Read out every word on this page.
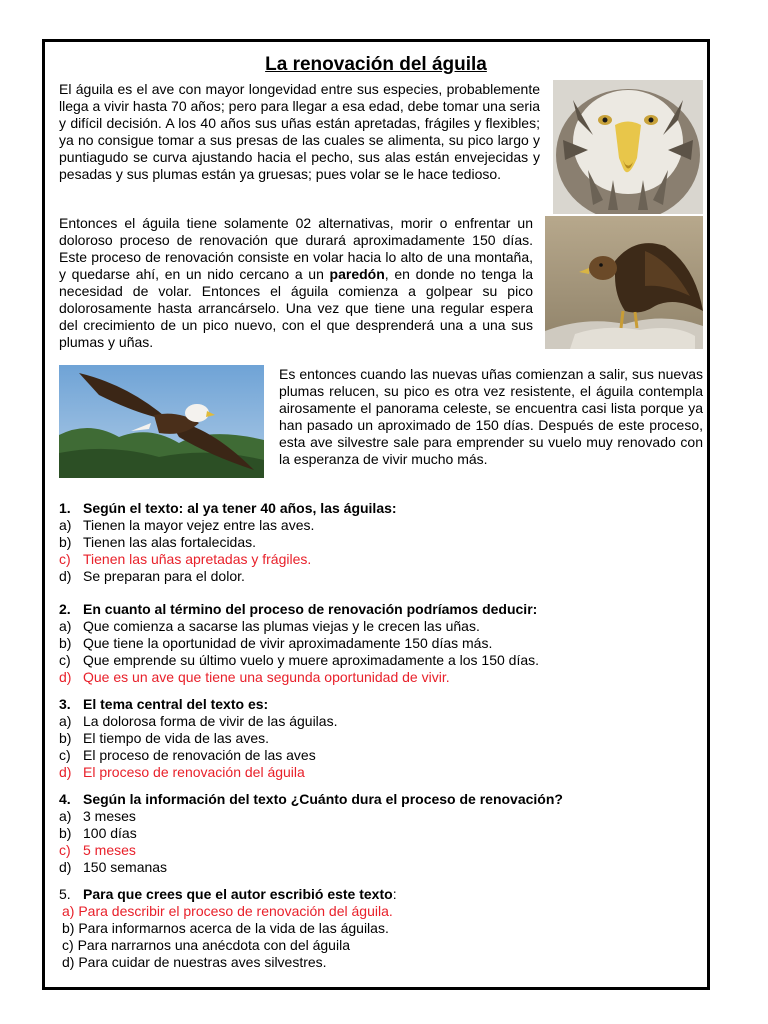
La renovación del águila

El águila es el ave con mayor longevidad entre sus especies, probablemente llega a vivir hasta 70 años; pero para llegar a esa edad, debe tomar una seria y difícil decisión. A los 40 años sus uñas están apretadas, frágiles y flexibles; ya no consigue tomar a sus presas de las cuales se alimenta, su pico largo y puntiagudo se curva ajustando hacia el pecho, sus alas están envejecidas y pesadas y sus plumas están ya gruesas; pues volar se le hace tedioso.

Entonces el águila tiene solamente 02 alternativas, morir o enfrentar un doloroso proceso de renovación que durará aproximadamente 150 días. Este proceso de renovación consiste en volar hacia lo alto de una montaña, y quedarse ahí, en un nido cercano a un paredón, en donde no tenga la necesidad de volar. Entonces el águila comienza a golpear su pico dolorosamente hasta arrancárselo. Una vez que tiene una regular espera del crecimiento de un pico nuevo, con el que desprenderá una a una sus plumas y uñas.

Es entonces cuando las nuevas uñas comienzan a salir, sus nuevas plumas relucen, su pico es otra vez resistente, el águila contempla airosamente el panorama celeste, se encuentra casi lista porque ya han pasado un aproximado de 150 días. Después de este proceso, esta ave silvestre sale para emprender su vuelo muy renovado con la esperanza de vivir mucho más.

1. Según el texto: al ya tener 40 años, las águilas:
a) Tienen la mayor vejez entre las aves.
b) Tienen las alas fortalecidas.
c) Tienen las uñas apretadas y frágiles.
d) Se preparan para el dolor.
2. En cuanto al término del proceso de renovación podríamos deducir:
a) Que comienza a sacarse las plumas viejas y le crecen las uñas.
b) Que tiene la oportunidad de vivir aproximadamente 150 días más.
c) Que emprende su último vuelo y muere aproximadamente a los 150 días.
d) Que es un ave que tiene una segunda oportunidad de vivir.
3. El tema central del texto es:
a) La dolorosa forma de vivir de las águilas.
b) El tiempo de vida de las aves.
c) El proceso de renovación de las aves
d) El proceso de renovación del águila
4. Según la información del texto ¿Cuánto dura el proceso de renovación?
a) 3 meses
b) 100 días
c) 5 meses
d) 150 semanas
5. Para que crees que el autor escribió este texto:
a) Para describir el proceso de renovación del águila.
b) Para informarnos acerca de la vida de las águilas.
c) Para narrarnos una anécdota con del águila
d) Para cuidar de nuestras aves silvestres.
